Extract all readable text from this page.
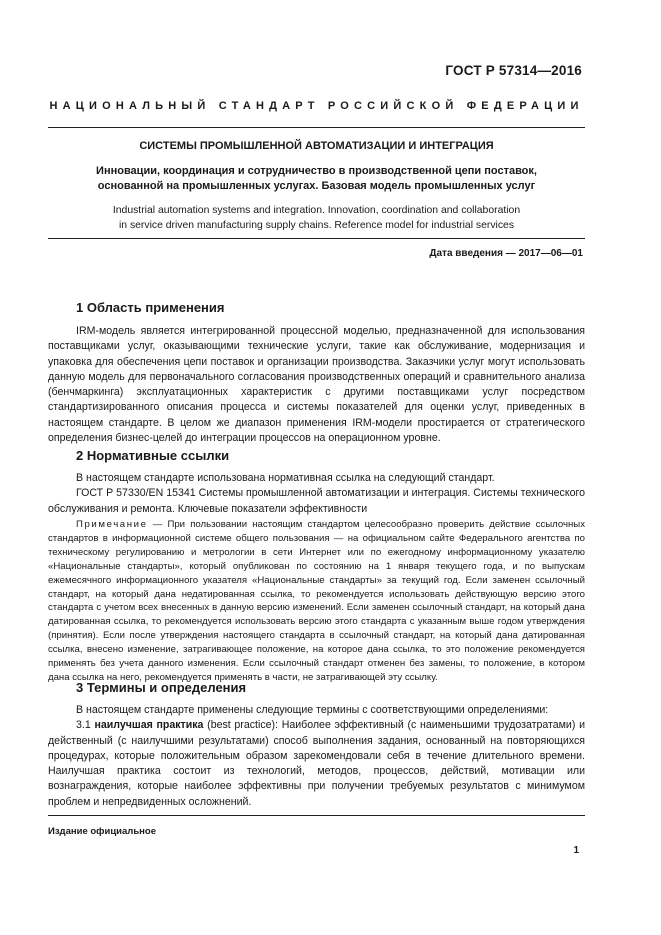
ГОСТ Р 57314—2016
НАЦИОНАЛЬНЫЙ СТАНДАРТ РОССИЙСКОЙ ФЕДЕРАЦИИ
СИСТЕМЫ ПРОМЫШЛЕННОЙ АВТОМАТИЗАЦИИ И ИНТЕГРАЦИЯ
Инновации, координация и сотрудничество в производственной цепи поставок,
основанной на промышленных услугах. Базовая модель промышленных услуг
Industrial automation systems and integration. Innovation, coordination and collaboration
in service driven manufacturing supply chains. Reference model for industrial services
Дата введения — 2017—06—01
1 Область применения

IRM-модель является интегрированной процессной моделью, предназначенной для использования поставщиками услуг, оказывающими технические услуги, такие как обслуживание, модернизация и упаковка для обеспечения цепи поставок и организации производства. Заказчики услуг могут использовать данную модель для первоначального согласования производственных операций и сравнительного анализа (бенчмаркинга) эксплуатационных характеристик с другими поставщиками услуг посредством стандартизированного описания процесса и системы показателей для оценки услуг, приведенных в настоящем стандарте. В целом же диапазон применения IRM-модели простирается от стратегического определения бизнес-целей до интеграции процессов на операционном уровне.

2 Нормативные ссылки

В настоящем стандарте использована нормативная ссылка на следующий стандарт.

ГОСТ Р 57330/EN 15341 Системы промышленной автоматизации и интеграция. Системы технического обслуживания и ремонта. Ключевые показатели эффективности

Примечание — При пользовании настоящим стандартом целесообразно проверить действие ссылочных стандартов в информационной системе общего пользования — на официальном сайте Федерального агентства по техническому регулированию и метрологии в сети Интернет или по ежегодному информационному указателю «Национальные стандарты», который опубликован по состоянию на 1 января текущего года, и по выпускам ежемесячного информационного указателя «Национальные стандарты» за текущий год. Если заменен ссылочный стандарт, на который дана недатированная ссылка, то рекомендуется использовать действующую версию этого стандарта с учетом всех внесенных в данную версию изменений. Если заменен ссылочный стандарт, на который дана датированная ссылка, то рекомендуется использовать версию этого стандарта с указанным выше годом утверждения (принятия). Если после утверждения настоящего стандарта в ссылочный стандарт, на который дана датированная ссылка, внесено изменение, затрагивающее положение, на которое дана ссылка, то это положение рекомендуется применять без учета данного изменения. Если ссылочный стандарт отменен без замены, то положение, в котором дана ссылка на него, рекомендуется применять в части, не затрагивающей эту ссылку.

3 Термины и определения

В настоящем стандарте применены следующие термины с соответствующими определениями:

3.1 наилучшая практика (best practice): Наиболее эффективный (с наименьшими трудозатратами) и действенный (с наилучшими результатами) способ выполнения задания, основанный на повторяющихся процедурах, которые положительным образом зарекомендовали себя в течение длительного времени. Наилучшая практика состоит из технологий, методов, процессов, действий, мотивации или вознаграждения, которые наиболее эффективны при получении требуемых результатов с минимумом проблем и непредвиденных осложнений.

Издание официальное
1
